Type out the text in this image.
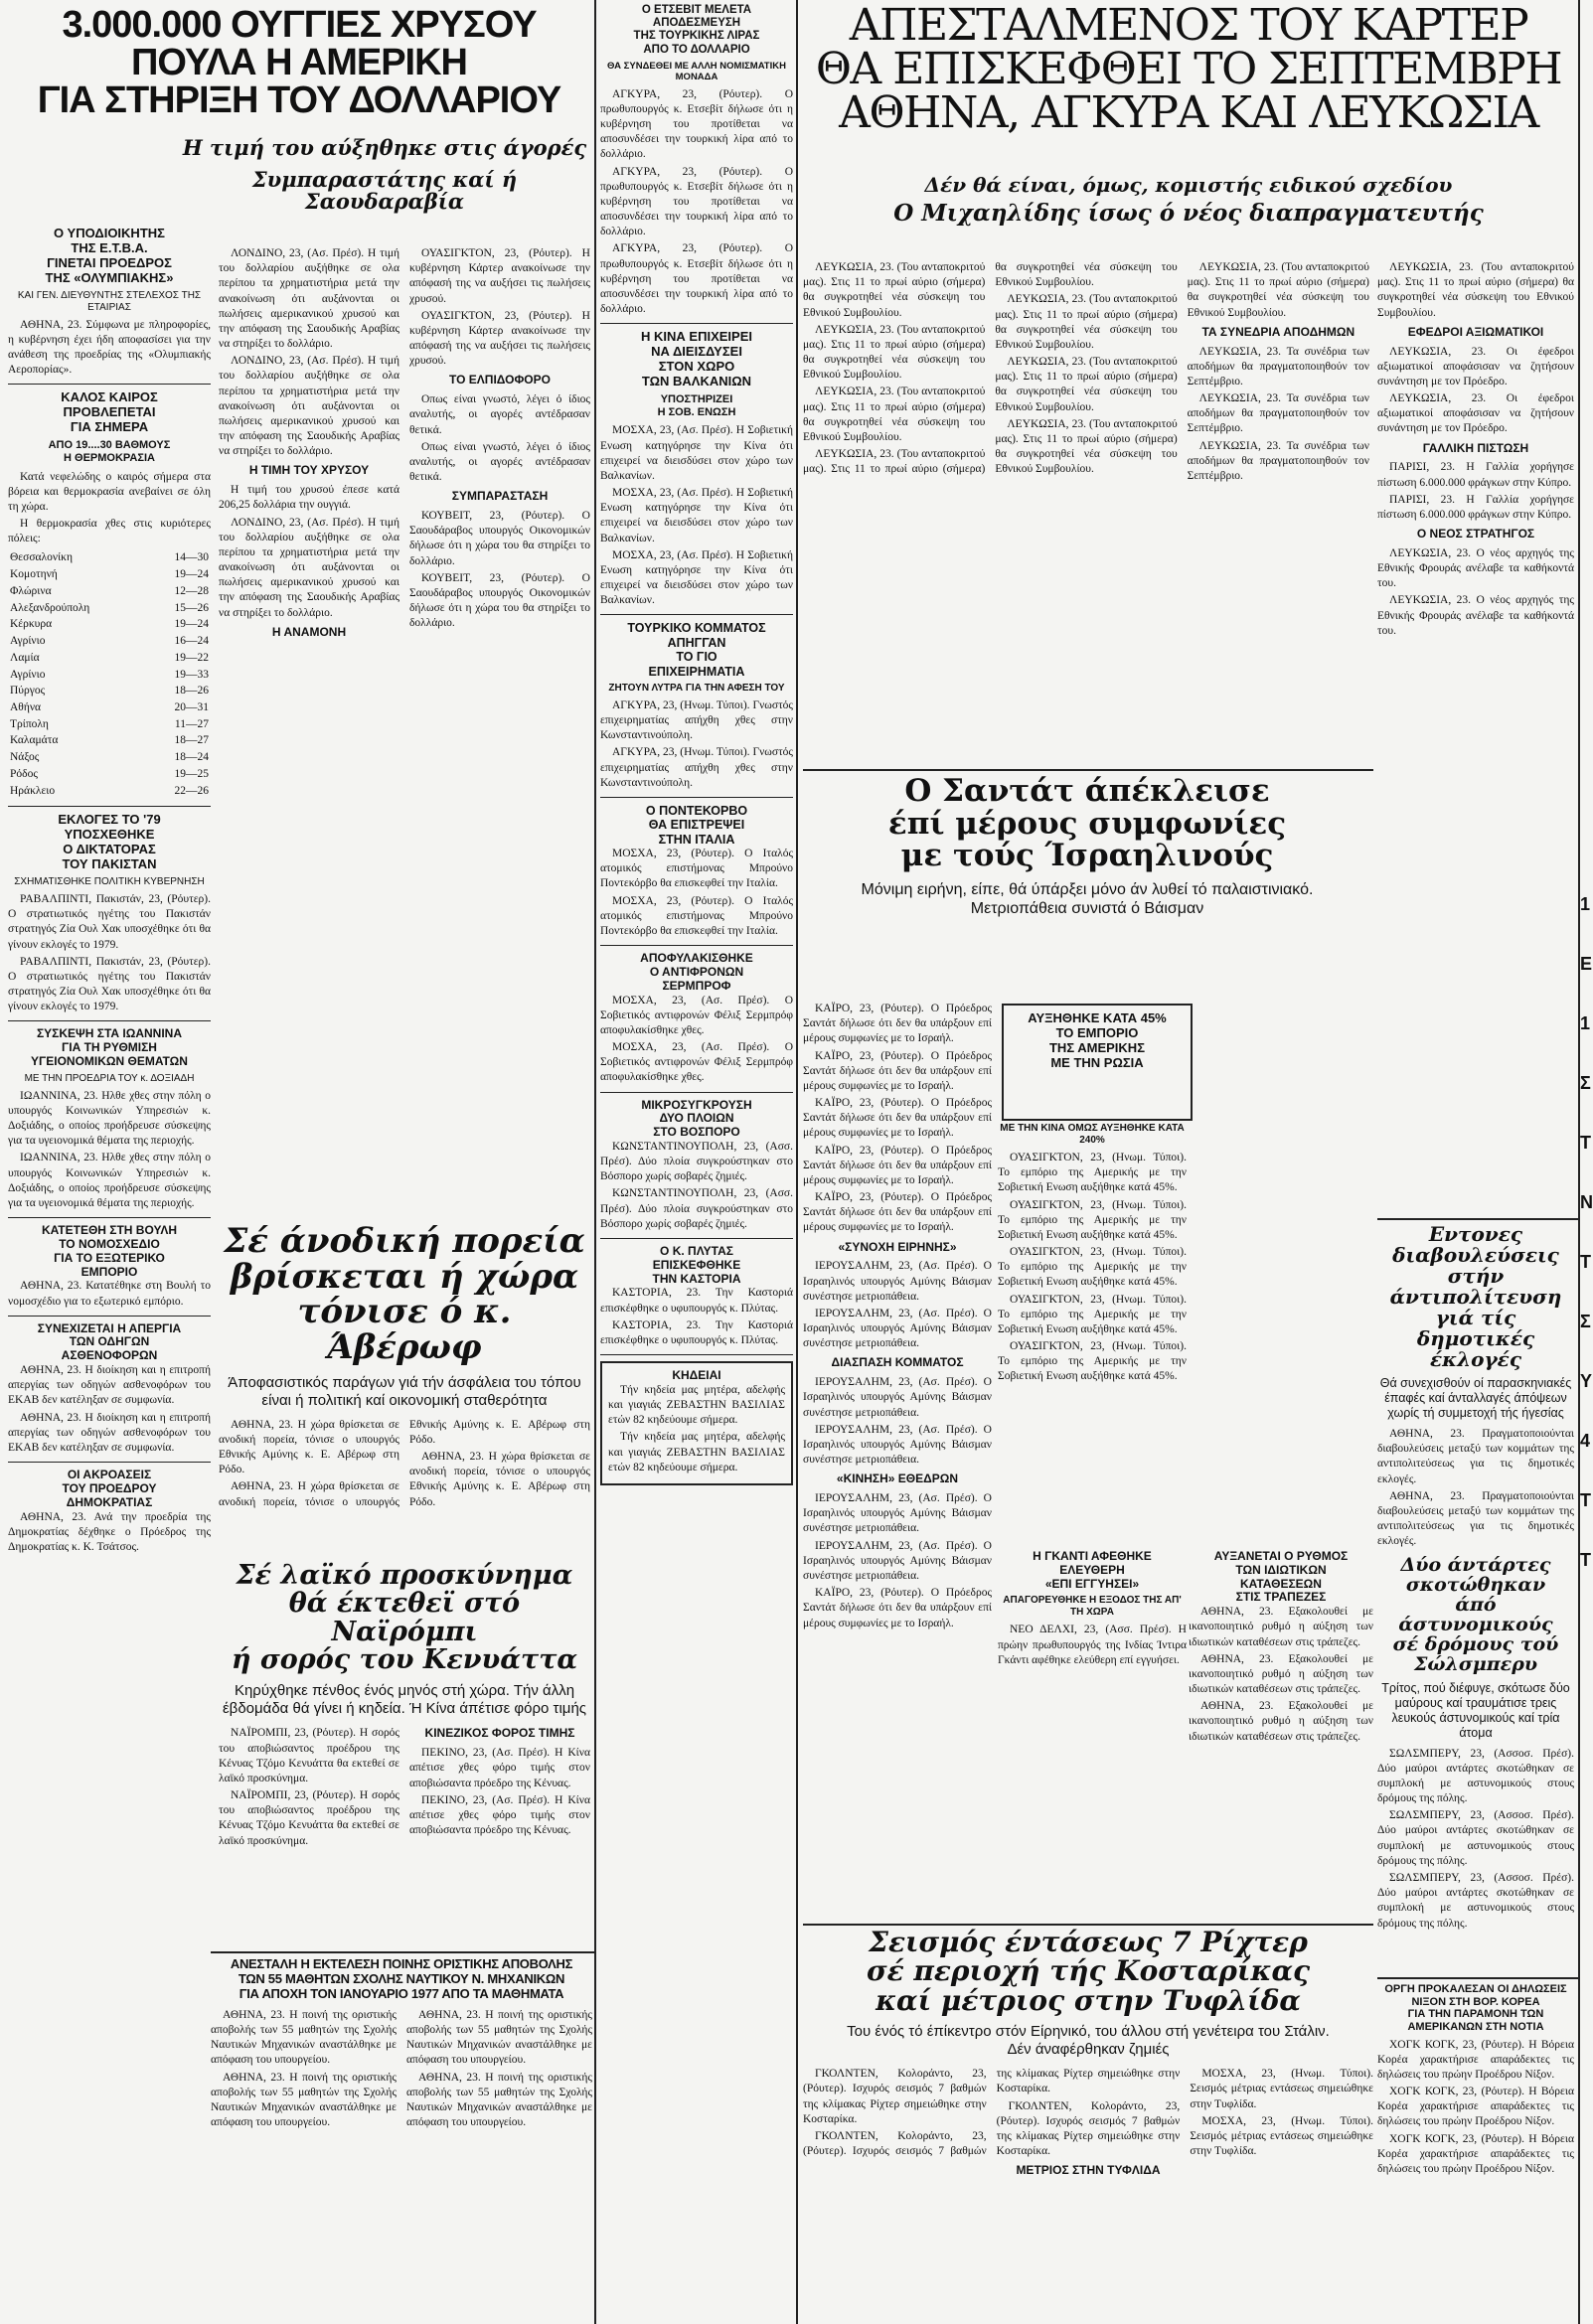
3.000.000 ΟΥΓΓΙΕΣ ΧΡΥΣΟΥ
ΠΟΥΛΑ Η ΑΜΕΡΙΚΗ
ΓΙΑ ΣΤΗΡΙΞΗ ΤΟΥ ΔΟΛΛΑΡΙΟΥ

Η τιμή του αύξηθηκε στις άγορές

Συμπαραστάτης καί ή Σαουδαραβία

ΛΟΝΔΙΝΟ, 23, (Ασ. Πρέσ). Η τιμή του δολλαρίου αυξήθηκε σε ολα περίπου τα χρηματιστήρια μετά την ανακοίνωση ότι αυξάνονται οι πωλήσεις αμερικανικού χρυσού και την απόφαση της Σαουδικής Αραβίας να στηρίξει το δολλάριο.

ΛΟΝΔΙΝΟ, 23, (Ασ. Πρέσ). Η τιμή του δολλαρίου αυξήθηκε σε ολα περίπου τα χρηματιστήρια μετά την ανακοίνωση ότι αυξάνονται οι πωλήσεις αμερικανικού χρυσού και την απόφαση της Σαουδικής Αραβίας να στηρίξει το δολλάριο.

Η ΤΙΜΗ ΤΟΥ ΧΡΥΣΟΥ

Η τιμή του χρυσού έπεσε κατά 206,25 δολλάρια την ουγγιά.

ΛΟΝΔΙΝΟ, 23, (Ασ. Πρέσ). Η τιμή του δολλαρίου αυξήθηκε σε ολα περίπου τα χρηματιστήρια μετά την ανακοίνωση ότι αυξάνονται οι πωλήσεις αμερικανικού χρυσού και την απόφαση της Σαουδικής Αραβίας να στηρίξει το δολλάριο.

Η ΑΝΑΜΟΝΗ

ΟΥΑΣΙΓΚΤΟΝ, 23, (Ρόυτερ). Η κυβέρνηση Κάρτερ ανακοίνωσε την απόφασή της να αυξήσει τις πωλήσεις χρυσού.

ΟΥΑΣΙΓΚΤΟΝ, 23, (Ρόυτερ). Η κυβέρνηση Κάρτερ ανακοίνωσε την απόφασή της να αυξήσει τις πωλήσεις χρυσού.

ΤΟ ΕΛΠΙΔΟΦΟΡΟ

Οπως είναι γνωστό, λέγει ό ίδιος αναλυτής, οι αγορές αντέδρασαν θετικά.

Οπως είναι γνωστό, λέγει ό ίδιος αναλυτής, οι αγορές αντέδρασαν θετικά.

ΣΥΜΠΑΡΑΣΤΑΣΗ

ΚΟΥΒΕΙΤ, 23, (Ρόυτερ). Ο Σαουδάραβος υπουργός Οικονομικών δήλωσε ότι η χώρα του θα στηρίξει το δολλάριο.

ΚΟΥΒΕΙΤ, 23, (Ρόυτερ). Ο Σαουδάραβος υπουργός Οικονομικών δήλωσε ότι η χώρα του θα στηρίξει το δολλάριο.

Ο ΥΠΟΔΙΟΙΚΗΤΗΣ
ΤΗΣ Ε.Τ.Β.Α.
ΓΙΝΕΤΑΙ ΠΡΟΕΔΡΟΣ
ΤΗΣ «ΟΛΥΜΠΙΑΚΗΣ»

ΚΑΙ ΓΕΝ. ΔΙΕΥΘΥΝΤΗΣ ΣΤΕΛΕΧΟΣ ΤΗΣ ΕΤΑΙΡΙΑΣ

ΑΘΗΝΑ, 23. Σύμφωνα με πληροφορίες, η κυβέρνηση έχει ήδη αποφασίσει για την ανάθεση της προεδρίας της «Ολυμπιακής Αεροπορίας».

ΚΑΛΟΣ ΚΑΙΡΟΣ
ΠΡΟΒΛΕΠΕΤΑΙ
ΓΙΑ ΣΗΜΕΡΑ

ΑΠΟ 19....30 ΒΑΘΜΟΥΣ
Η ΘΕΡΜΟΚΡΑΣΙΑ

Κατά νεφελώδης ο καιρός σήμερα στα βόρεια και θερμοκρασία ανεβαίνει σε όλη τη χώρα.

Η θερμοκρασία χθες στις κυριότερες πόλεις:

Θεσσαλονίκη	14—30
Κομοτηνή	19—24
Φλώρινα	12—28
Αλεξανδρούπολη	15—26
Κέρκυρα	19—24
Αγρίνιο	16—24
Λαμία	19—22
Αγρίνιο	19—33
Πύργος	18—26
Αθήνα	20—31
Τρίπολη	11—27
Καλαμάτα	18—27
Νάξος	18—24
Ρόδος	19—25
Ηράκλειο	22—26

ΕΚΛΟΓΕΣ ΤΟ '79
ΥΠΟΣΧΕΘΗΚΕ
Ο ΔΙΚΤΑΤΟΡΑΣ
ΤΟΥ ΠΑΚΙΣΤΑΝ

ΣΧΗΜΑΤΙΣΘΗΚΕ ΠΟΛΙΤΙΚΗ ΚΥΒΕΡΝΗΣΗ

ΡΑΒΑΛΠΙΝΤΙ, Πακιστάν, 23, (Ρόυτερ). Ο στρατιωτικός ηγέτης του Πακιστάν στρατηγός Ζία Ουλ Χακ υποσχέθηκε ότι θα γίνουν εκλογές το 1979.

ΡΑΒΑΛΠΙΝΤΙ, Πακιστάν, 23, (Ρόυτερ). Ο στρατιωτικός ηγέτης του Πακιστάν στρατηγός Ζία Ουλ Χακ υποσχέθηκε ότι θα γίνουν εκλογές το 1979.

ΣΥΣΚΕΨΗ ΣΤΑ ΙΩΑΝΝΙΝΑ
ΓΙΑ ΤΗ ΡΥΘΜΙΣΗ
ΥΓΕΙΟΝΟΜΙΚΩΝ ΘΕΜΑΤΩΝ

ΜΕ ΤΗΝ ΠΡΟΕΔΡΙΑ ΤΟΥ κ. ΔΟΞΙΑΔΗ

ΙΩΑΝΝΙΝΑ, 23. Ηλθε χθες στην πόλη ο υπουργός Κοινωνικών Υπηρεσιών κ. Δοξιάδης, ο οποίος προήδρευσε σύσκεψης για τα υγειονομικά θέματα της περιοχής.

ΙΩΑΝΝΙΝΑ, 23. Ηλθε χθες στην πόλη ο υπουργός Κοινωνικών Υπηρεσιών κ. Δοξιάδης, ο οποίος προήδρευσε σύσκεψης για τα υγειονομικά θέματα της περιοχής.

ΚΑΤΕΤΕΘΗ ΣΤΗ ΒΟΥΛΗ
ΤΟ ΝΟΜΟΣΧΕΔΙΟ
ΓΙΑ ΤΟ ΕΞΩΤΕΡΙΚΟ
ΕΜΠΟΡΙΟ

ΑΘΗΝΑ, 23. Κατατέθηκε στη Βουλή το νομοσχέδιο για το εξωτερικό εμπόριο.

ΣΥΝΕΧΙΖΕΤΑΙ Η ΑΠΕΡΓΙΑ
ΤΩΝ ΟΔΗΓΩΝ
ΑΣΘΕΝΟΦΟΡΩΝ

ΑΘΗΝΑ, 23. Η διοίκηση και η επιτροπή απεργίας των οδηγών ασθενοφόρων του ΕΚΑΒ δεν κατέληξαν σε συμφωνία.

ΑΘΗΝΑ, 23. Η διοίκηση και η επιτροπή απεργίας των οδηγών ασθενοφόρων του ΕΚΑΒ δεν κατέληξαν σε συμφωνία.

ΟΙ ΑΚΡΟΑΣΕΙΣ
ΤΟΥ ΠΡΟΕΔΡΟΥ
ΔΗΜΟΚΡΑΤΙΑΣ

ΑΘΗΝΑ, 23. Ανά την προεδρία της Δημοκρατίας δέχθηκε ο Πρόεδρος της Δημοκρατίας κ. Κ. Τσάτσος.

Σέ άνοδική πορεία
βρίσκεται ή χώρα
τόνισε ό κ. Άβέρωφ

Άποφασιστικός παράγων γιά τήν άσφάλεια του τόπου είναι ή πολιτική καί οικονομική σταθερότητα

ΑΘΗΝΑ, 23. Η χώρα θρίσκεται σε ανοδική πορεία, τόνισε ο υπουργός Εθνικής Αμύνης κ. Ε. Αβέρωφ στη Ρόδο.

ΑΘΗΝΑ, 23. Η χώρα θρίσκεται σε ανοδική πορεία, τόνισε ο υπουργός Εθνικής Αμύνης κ. Ε. Αβέρωφ στη Ρόδο.

ΑΘΗΝΑ, 23. Η χώρα θρίσκεται σε ανοδική πορεία, τόνισε ο υπουργός Εθνικής Αμύνης κ. Ε. Αβέρωφ στη Ρόδο.

Σέ λαϊκό προσκύνημα
θά έκτεθεϊ στό Ναϊρόμπι
ή σορός του Κενυάττα

Κηρύχθηκε πένθος ένός μηνός στή χώρα. Τήν άλλη έβδομάδα θά γίνει ή κηδεία. Ή Κίνα άπέτισε φόρο τιμής

ΝΑΪΡΟΜΠΙ, 23, (Ρόυτερ). Η σορός του αποβιώσαντος προέδρου της Κένυας Τζόμο Κενυάττα θα εκτεθεί σε λαϊκό προσκύνημα.

ΝΑΪΡΟΜΠΙ, 23, (Ρόυτερ). Η σορός του αποβιώσαντος προέδρου της Κένυας Τζόμο Κενυάττα θα εκτεθεί σε λαϊκό προσκύνημα.

ΚΙΝΕΖΙΚΟΣ ΦΟΡΟΣ ΤΙΜΗΣ

ΠΕΚΙΝΟ, 23, (Ασ. Πρέσ). Η Κίνα απέτισε χθες φόρο τιμής στον αποβιώσαντα πρόεδρο της Κένυας.

ΠΕΚΙΝΟ, 23, (Ασ. Πρέσ). Η Κίνα απέτισε χθες φόρο τιμής στον αποβιώσαντα πρόεδρο της Κένυας.

ΑΝΕΣΤΑΛΗ Η ΕΚΤΕΛΕΣΗ ΠΟΙΝΗΣ ΟΡΙΣΤΙΚΗΣ ΑΠΟΒΟΛΗΣ
ΤΩΝ 55 ΜΑΘΗΤΩΝ ΣΧΟΛΗΣ ΝΑΥΤΙΚΟΥ Ν. ΜΗΧΑΝΙΚΩΝ
ΓΙΑ ΑΠΟΧΗ ΤΟΝ ΙΑΝΟΥΑΡΙΟ 1977 ΑΠΟ ΤΑ ΜΑΘΗΜΑΤΑ

ΑΘΗΝΑ, 23. Η ποινή της οριστικής αποβολής των 55 μαθητών της Σχολής Ναυτικών Μηχανικών αναστάλθηκε με απόφαση του υπουργείου.

ΑΘΗΝΑ, 23. Η ποινή της οριστικής αποβολής των 55 μαθητών της Σχολής Ναυτικών Μηχανικών αναστάλθηκε με απόφαση του υπουργείου.

ΑΘΗΝΑ, 23. Η ποινή της οριστικής αποβολής των 55 μαθητών της Σχολής Ναυτικών Μηχανικών αναστάλθηκε με απόφαση του υπουργείου.

ΑΘΗΝΑ, 23. Η ποινή της οριστικής αποβολής των 55 μαθητών της Σχολής Ναυτικών Μηχανικών αναστάλθηκε με απόφαση του υπουργείου.

Ο ΕΤΣΕΒΙΤ ΜΕΛΕΤΑ
ΑΠΟΔΕΣΜΕΥΣΗ
ΤΗΣ ΤΟΥΡΚΙΚΗΣ ΛΙΡΑΣ
ΑΠΟ ΤΟ ΔΟΛΛΑΡΙΟ

ΘΑ ΣΥΝΔΕΘΕΙ ΜΕ ΑΛΛΗ ΝΟΜΙΣΜΑΤΙΚΗ ΜΟΝΑΔΑ

ΑΓΚΥΡΑ, 23, (Ρόυτερ). Ο πρωθυπουργός κ. Ετσεβίτ δήλωσε ότι η κυβέρνηση του προτίθεται να αποσυνδέσει την τουρκική λίρα από το δολλάριο.

ΑΓΚΥΡΑ, 23, (Ρόυτερ). Ο πρωθυπουργός κ. Ετσεβίτ δήλωσε ότι η κυβέρνηση του προτίθεται να αποσυνδέσει την τουρκική λίρα από το δολλάριο.

ΑΓΚΥΡΑ, 23, (Ρόυτερ). Ο πρωθυπουργός κ. Ετσεβίτ δήλωσε ότι η κυβέρνηση του προτίθεται να αποσυνδέσει την τουρκική λίρα από το δολλάριο.

Η ΚΙΝΑ ΕΠΙΧΕΙΡΕΙ
ΝΑ ΔΙΕΙΣΔΥΣΕΙ
ΣΤΟΝ ΧΩΡΟ
ΤΩΝ ΒΑΛΚΑΝΙΩΝ

ΥΠΟΣΤΗΡΙΖΕΙ
Η ΣΟΒ. ΕΝΩΣΗ

ΜΟΣΧΑ, 23, (Ασ. Πρέσ). Η Σοβιετική Ενωση κατηγόρησε την Κίνα ότι επιχειρεί να διεισδύσει στον χώρο των Βαλκανίων.

ΜΟΣΧΑ, 23, (Ασ. Πρέσ). Η Σοβιετική Ενωση κατηγόρησε την Κίνα ότι επιχειρεί να διεισδύσει στον χώρο των Βαλκανίων.

ΜΟΣΧΑ, 23, (Ασ. Πρέσ). Η Σοβιετική Ενωση κατηγόρησε την Κίνα ότι επιχειρεί να διεισδύσει στον χώρο των Βαλκανίων.

ΤΟΥΡΚΙΚΟ ΚΟΜΜΑΤΟΣ
ΑΠΗΓΓΑΝ
ΤΟ ΓΙΟ
ΕΠΙΧΕΙΡΗΜΑΤΙΑ

ΖΗΤΟΥΝ ΛΥΤΡΑ ΓΙΑ ΤΗΝ ΑΦΕΣΗ ΤΟΥ

ΑΓΚΥΡΑ, 23, (Ηνωμ. Τύποι). Γνωστός επιχειρηματίας απήχθη χθες στην Κωνσταντινούπολη.

ΑΓΚΥΡΑ, 23, (Ηνωμ. Τύποι). Γνωστός επιχειρηματίας απήχθη χθες στην Κωνσταντινούπολη.

Ο ΠΟΝΤΕΚΟΡΒΟ
ΘΑ ΕΠΙΣΤΡΕΨΕΙ
ΣΤΗΝ ΙΤΑΛΙΑ

ΜΟΣΧΑ, 23, (Ρόυτερ). Ο Ιταλός ατομικός επιστήμονας Μπρούνο Ποντεκόρβο θα επισκεφθεί την Ιταλία.

ΜΟΣΧΑ, 23, (Ρόυτερ). Ο Ιταλός ατομικός επιστήμονας Μπρούνο Ποντεκόρβο θα επισκεφθεί την Ιταλία.

ΑΠΟΦΥΛΑΚΙΣΘΗΚΕ
Ο ΑΝΤΙΦΡΟΝΩΝ
ΣΕΡΜΠΡΟΦ

ΜΟΣΧΑ, 23, (Ασ. Πρέσ). Ο Σοβιετικός αντιφρονών Φέλιξ Σερμπρόφ αποφυλακίσθηκε χθες.

ΜΟΣΧΑ, 23, (Ασ. Πρέσ). Ο Σοβιετικός αντιφρονών Φέλιξ Σερμπρόφ αποφυλακίσθηκε χθες.

ΜΙΚΡΟΣΥΓΚΡΟΥΣΗ
ΔΥΟ ΠΛΟΙΩΝ
ΣΤΟ ΒΟΣΠΟΡΟ

ΚΩΝΣΤΑΝΤΙΝΟΥΠΟΛΗ, 23, (Ασσ. Πρέσ). Δύο πλοία συγκρούστηκαν στο Βόσπορο χωρίς σοβαρές ζημιές.

ΚΩΝΣΤΑΝΤΙΝΟΥΠΟΛΗ, 23, (Ασσ. Πρέσ). Δύο πλοία συγκρούστηκαν στο Βόσπορο χωρίς σοβαρές ζημιές.

Ο Κ. ΠΛΥΤΑΣ
ΕΠΙΣΚΕΦΘΗΚΕ
ΤΗΝ ΚΑΣΤΟΡΙΑ

ΚΑΣΤΟΡΙΑ, 23. Την Καστοριά επισκέφθηκε ο υφυπουργός κ. Πλύτας.

ΚΑΣΤΟΡΙΑ, 23. Την Καστοριά επισκέφθηκε ο υφυπουργός κ. Πλύτας.

ΚΗΔΕΙΑΙ

Τήν κηδεία μας μητέρα, αδελφής και γιαγιάς ΖΕΒΑΣΤΗΝ ΒΑΣΙΛΙΑΣ ετών 82 κηδεύουμε σήμερα.

Τήν κηδεία μας μητέρα, αδελφής και γιαγιάς ΖΕΒΑΣΤΗΝ ΒΑΣΙΛΙΑΣ ετών 82 κηδεύουμε σήμερα.

ΑΠΕΣΤΑΛΜΕΝΟΣ ΤΟΥ ΚΑΡΤΕΡ
ΘΑ ΕΠΙΣΚΕΦΘΕΙ ΤΟ ΣΕΠΤΕΜΒΡΗ
ΑΘΗΝΑ, ΑΓΚΥΡΑ ΚΑΙ ΛΕΥΚΩΣΙΑ

Δέν θά είναι, όμως, κομιστής ειδικού σχεδίου

Ο Μιχαηλίδης ίσως ό νέος διαπραγματευτής

ΛΕΥΚΩΣΙΑ, 23. (Του ανταποκριτού μας). Στις 11 το πρωί αύριο (σήμερα) θα συγκροτηθεί νέα σύσκεψη του Εθνικού Συμβουλίου.

ΛΕΥΚΩΣΙΑ, 23. (Του ανταποκριτού μας). Στις 11 το πρωί αύριο (σήμερα) θα συγκροτηθεί νέα σύσκεψη του Εθνικού Συμβουλίου.

ΛΕΥΚΩΣΙΑ, 23. (Του ανταποκριτού μας). Στις 11 το πρωί αύριο (σήμερα) θα συγκροτηθεί νέα σύσκεψη του Εθνικού Συμβουλίου.

ΛΕΥΚΩΣΙΑ, 23. (Του ανταποκριτού μας). Στις 11 το πρωί αύριο (σήμερα) θα συγκροτηθεί νέα σύσκεψη του Εθνικού Συμβουλίου.

ΛΕΥΚΩΣΙΑ, 23. (Του ανταποκριτού μας). Στις 11 το πρωί αύριο (σήμερα) θα συγκροτηθεί νέα σύσκεψη του Εθνικού Συμβουλίου.

ΛΕΥΚΩΣΙΑ, 23. (Του ανταποκριτού μας). Στις 11 το πρωί αύριο (σήμερα) θα συγκροτηθεί νέα σύσκεψη του Εθνικού Συμβουλίου.

ΛΕΥΚΩΣΙΑ, 23. (Του ανταποκριτού μας). Στις 11 το πρωί αύριο (σήμερα) θα συγκροτηθεί νέα σύσκεψη του Εθνικού Συμβουλίου.

ΛΕΥΚΩΣΙΑ, 23. (Του ανταποκριτού μας). Στις 11 το πρωί αύριο (σήμερα) θα συγκροτηθεί νέα σύσκεψη του Εθνικού Συμβουλίου.

ΤΑ ΣΥΝΕΔΡΙΑ ΑΠΟΔΗΜΩΝ

ΛΕΥΚΩΣΙΑ, 23. Τα συνέδρια των αποδήμων θα πραγματοποιηθούν τον Σεπτέμβριο.

ΛΕΥΚΩΣΙΑ, 23. Τα συνέδρια των αποδήμων θα πραγματοποιηθούν τον Σεπτέμβριο.

ΛΕΥΚΩΣΙΑ, 23. Τα συνέδρια των αποδήμων θα πραγματοποιηθούν τον Σεπτέμβριο.

ΛΕΥΚΩΣΙΑ, 23. (Του ανταποκριτού μας). Στις 11 το πρωί αύριο (σήμερα) θα συγκροτηθεί νέα σύσκεψη του Εθνικού Συμβουλίου.

ΕΦΕΔΡΟΙ ΑΞΙΩΜΑΤΙΚΟΙ

ΛΕΥΚΩΣΙΑ, 23. Οι έφεδροι αξιωματικοί αποφάσισαν να ζητήσουν συνάντηση με τον Πρόεδρο.

ΛΕΥΚΩΣΙΑ, 23. Οι έφεδροι αξιωματικοί αποφάσισαν να ζητήσουν συνάντηση με τον Πρόεδρο.

ΓΑΛΛΙΚΗ ΠΙΣΤΩΣΗ

ΠΑΡΙΣΙ, 23. Η Γαλλία χορήγησε πίστωση 6.000.000 φράγκων στην Κύπρο.

ΠΑΡΙΣΙ, 23. Η Γαλλία χορήγησε πίστωση 6.000.000 φράγκων στην Κύπρο.

Ο ΝΕΟΣ ΣΤΡΑΤΗΓΟΣ

ΛΕΥΚΩΣΙΑ, 23. Ο νέος αρχηγός της Εθνικής Φρουράς ανέλαβε τα καθήκοντά του.

ΛΕΥΚΩΣΙΑ, 23. Ο νέος αρχηγός της Εθνικής Φρουράς ανέλαβε τα καθήκοντά του.

Ο Σαντάτ άπέκλεισε
έπί μέρους συμφωνίες
με τούς Ίσραηλινούς

Μόνιμη ειρήνη, είπε, θά ύπάρξει μόνο άν λυθεί τό παλαιστινιακό. Μετριοπάθεια συνιστά ό Βάισμαν

ΚΑΪΡΟ, 23, (Ρόυτερ). Ο Πρόεδρος Σαντάτ δήλωσε ότι δεν θα υπάρξουν επί μέρους συμφωνίες με το Ισραήλ.

ΚΑΪΡΟ, 23, (Ρόυτερ). Ο Πρόεδρος Σαντάτ δήλωσε ότι δεν θα υπάρξουν επί μέρους συμφωνίες με το Ισραήλ.

ΚΑΪΡΟ, 23, (Ρόυτερ). Ο Πρόεδρος Σαντάτ δήλωσε ότι δεν θα υπάρξουν επί μέρους συμφωνίες με το Ισραήλ.

ΚΑΪΡΟ, 23, (Ρόυτερ). Ο Πρόεδρος Σαντάτ δήλωσε ότι δεν θα υπάρξουν επί μέρους συμφωνίες με το Ισραήλ.

ΚΑΪΡΟ, 23, (Ρόυτερ). Ο Πρόεδρος Σαντάτ δήλωσε ότι δεν θα υπάρξουν επί μέρους συμφωνίες με το Ισραήλ.

«ΣΥΝΟΧΗ ΕΙΡΗΝΗΣ»

ΙΕΡΟΥΣΑΛΗΜ, 23, (Ασ. Πρέσ). Ο Ισραηλινός υπουργός Αμύνης Βάισμαν συνέστησε μετριοπάθεια.

ΙΕΡΟΥΣΑΛΗΜ, 23, (Ασ. Πρέσ). Ο Ισραηλινός υπουργός Αμύνης Βάισμαν συνέστησε μετριοπάθεια.

ΔΙΑΣΠΑΣΗ ΚΟΜΜΑΤΟΣ

ΙΕΡΟΥΣΑΛΗΜ, 23, (Ασ. Πρέσ). Ο Ισραηλινός υπουργός Αμύνης Βάισμαν συνέστησε μετριοπάθεια.

ΙΕΡΟΥΣΑΛΗΜ, 23, (Ασ. Πρέσ). Ο Ισραηλινός υπουργός Αμύνης Βάισμαν συνέστησε μετριοπάθεια.

«ΚΙΝΗΣΗ» ΕΘΕΔΡΩΝ

ΙΕΡΟΥΣΑΛΗΜ, 23, (Ασ. Πρέσ). Ο Ισραηλινός υπουργός Αμύνης Βάισμαν συνέστησε μετριοπάθεια.

ΙΕΡΟΥΣΑΛΗΜ, 23, (Ασ. Πρέσ). Ο Ισραηλινός υπουργός Αμύνης Βάισμαν συνέστησε μετριοπάθεια.

ΚΑΪΡΟ, 23, (Ρόυτερ). Ο Πρόεδρος Σαντάτ δήλωσε ότι δεν θα υπάρξουν επί μέρους συμφωνίες με το Ισραήλ.

ΑΥΞΗΘΗΚΕ ΚΑΤΑ 45%
ΤΟ ΕΜΠΟΡΙΟ
ΤΗΣ ΑΜΕΡΙΚΗΣ
ΜΕ ΤΗΝ ΡΩΣΙΑ

ΜΕ ΤΗΝ ΚΙΝΑ ΟΜΩΣ ΑΥΞΗΘΗΚΕ ΚΑΤΑ 240%

ΟΥΑΣΙΓΚΤΟΝ, 23, (Ηνωμ. Τύποι). Το εμπόριο της Αμερικής με την Σοβιετική Ενωση αυξήθηκε κατά 45%.

ΟΥΑΣΙΓΚΤΟΝ, 23, (Ηνωμ. Τύποι). Το εμπόριο της Αμερικής με την Σοβιετική Ενωση αυξήθηκε κατά 45%.

ΟΥΑΣΙΓΚΤΟΝ, 23, (Ηνωμ. Τύποι). Το εμπόριο της Αμερικής με την Σοβιετική Ενωση αυξήθηκε κατά 45%.

ΟΥΑΣΙΓΚΤΟΝ, 23, (Ηνωμ. Τύποι). Το εμπόριο της Αμερικής με την Σοβιετική Ενωση αυξήθηκε κατά 45%.

ΟΥΑΣΙΓΚΤΟΝ, 23, (Ηνωμ. Τύποι). Το εμπόριο της Αμερικής με την Σοβιετική Ενωση αυξήθηκε κατά 45%.

Η ΓΚΑΝΤΙ ΑΦΕΘΗΚΕ
ΕΛΕΥΘΕΡΗ
«ΕΠΙ ΕΓΓΥΗΣΕΙ»

ΑΠΑΓΟΡΕΥΘΗΚΕ Η ΕΞΟΔΟΣ ΤΗΣ ΑΠ' ΤΗ ΧΩΡΑ

ΝΕΟ ΔΕΛΧΙ, 23, (Ασσ. Πρέσ). Η πρώην πρωθυπουργός της Ινδίας Ίντιρα Γκάντι αφέθηκε ελεύθερη επί εγγυήσει.

ΑΥΞΑΝΕΤΑΙ Ο ΡΥΘΜΟΣ
ΤΩΝ ΙΔΙΩΤΙΚΩΝ
ΚΑΤΑΘΕΣΕΩΝ
ΣΤΙΣ ΤΡΑΠΕΖΕΣ

ΑΘΗΝΑ, 23. Εξακολουθεί με ικανοποιητικό ρυθμό η αύξηση των ιδιωτικών καταθέσεων στις τράπεζες.

ΑΘΗΝΑ, 23. Εξακολουθεί με ικανοποιητικό ρυθμό η αύξηση των ιδιωτικών καταθέσεων στις τράπεζες.

ΑΘΗΝΑ, 23. Εξακολουθεί με ικανοποιητικό ρυθμό η αύξηση των ιδιωτικών καταθέσεων στις τράπεζες.

Σεισμός έντάσεως 7 Ρίχτερ
σέ περιοχή τής Κοσταρίκας
καί μέτριος στην Τυφλίδα

Του ένός τό έπίκεντρο στόν Είρηνικό, του άλλου στή γενέτειρα του Στάλιν. Δέν άναφέρθηκαν ζημιές

ΓΚΟΛΝΤΕΝ, Κολοράντο, 23, (Ρόυτερ). Ισχυρός σεισμός 7 βαθμών της κλίμακας Ρίχτερ σημειώθηκε στην Κοσταρίκα.

ΓΚΟΛΝΤΕΝ, Κολοράντο, 23, (Ρόυτερ). Ισχυρός σεισμός 7 βαθμών της κλίμακας Ρίχτερ σημειώθηκε στην Κοσταρίκα.

ΓΚΟΛΝΤΕΝ, Κολοράντο, 23, (Ρόυτερ). Ισχυρός σεισμός 7 βαθμών της κλίμακας Ρίχτερ σημειώθηκε στην Κοσταρίκα.

ΜΕΤΡΙΟΣ ΣΤΗΝ ΤΥΦΛΙΔΑ

ΜΟΣΧΑ, 23, (Ηνωμ. Τύποι). Σεισμός μέτριας εντάσεως σημειώθηκε στην Τυφλίδα.

ΜΟΣΧΑ, 23, (Ηνωμ. Τύποι). Σεισμός μέτριας εντάσεως σημειώθηκε στην Τυφλίδα.

Εντονες διαβουλεύσεις
στήν άντιπολίτευση
γιά τίς δημοτικές έκλογές

Θά συνεχισθούν οί παρασκηνιακές έπαφές καί άνταλλαγές άπόψεων χωρίς τή συμμετοχή τής ήγεσίας

ΑΘΗΝΑ, 23. Πραγματοποιούνται διαβουλεύσεις μεταξύ των κομμάτων της αντιπολιτεύσεως για τις δημοτικές εκλογές.

ΑΘΗΝΑ, 23. Πραγματοποιούνται διαβουλεύσεις μεταξύ των κομμάτων της αντιπολιτεύσεως για τις δημοτικές εκλογές.

Δύο άντάρτες σκοτώθηκαν
άπό άστυνομικούς
σέ δρόμους τού Σώλσμπερυ

Τρίτος, πού διέφυγε, σκότωσε δύο μαύρους καί τραυμάτισε τρεις λευκούς άστυνομικούς καί τρία άτομα

ΣΩΛΣΜΠΕΡΥ, 23, (Ασσοσ. Πρέσ). Δύο μαύροι αντάρτες σκοτώθηκαν σε συμπλοκή με αστυνομικούς στους δρόμους της πόλης.

ΣΩΛΣΜΠΕΡΥ, 23, (Ασσοσ. Πρέσ). Δύο μαύροι αντάρτες σκοτώθηκαν σε συμπλοκή με αστυνομικούς στους δρόμους της πόλης.

ΣΩΛΣΜΠΕΡΥ, 23, (Ασσοσ. Πρέσ). Δύο μαύροι αντάρτες σκοτώθηκαν σε συμπλοκή με αστυνομικούς στους δρόμους της πόλης.

ΟΡΓΗ ΠΡΟΚΑΛΕΣΑΝ ΟΙ ΔΗΛΩΣΕΙΣ ΝΙΞΟΝ ΣΤΗ ΒΟΡ. ΚΟΡΕΑ
ΓΙΑ ΤΗΝ ΠΑΡΑΜΟΝΗ ΤΩΝ ΑΜΕΡΙΚΑΝΩΝ ΣΤΗ ΝΟΤΙΑ

ΧΟΓΚ ΚΟΓΚ, 23, (Ρόυτερ). Η Βόρεια Κορέα χαρακτήρισε απαράδεκτες τις δηλώσεις του πρώην Προέδρου Νίξον.

ΧΟΓΚ ΚΟΓΚ, 23, (Ρόυτερ). Η Βόρεια Κορέα χαρακτήρισε απαράδεκτες τις δηλώσεις του πρώην Προέδρου Νίξον.

ΧΟΓΚ ΚΟΓΚ, 23, (Ρόυτερ). Η Βόρεια Κορέα χαρακτήρισε απαράδεκτες τις δηλώσεις του πρώην Προέδρου Νίξον.

1
Ε
1
Σ
Τ
Ν
Τ
Σ
Υ
4
Τ
Τ
